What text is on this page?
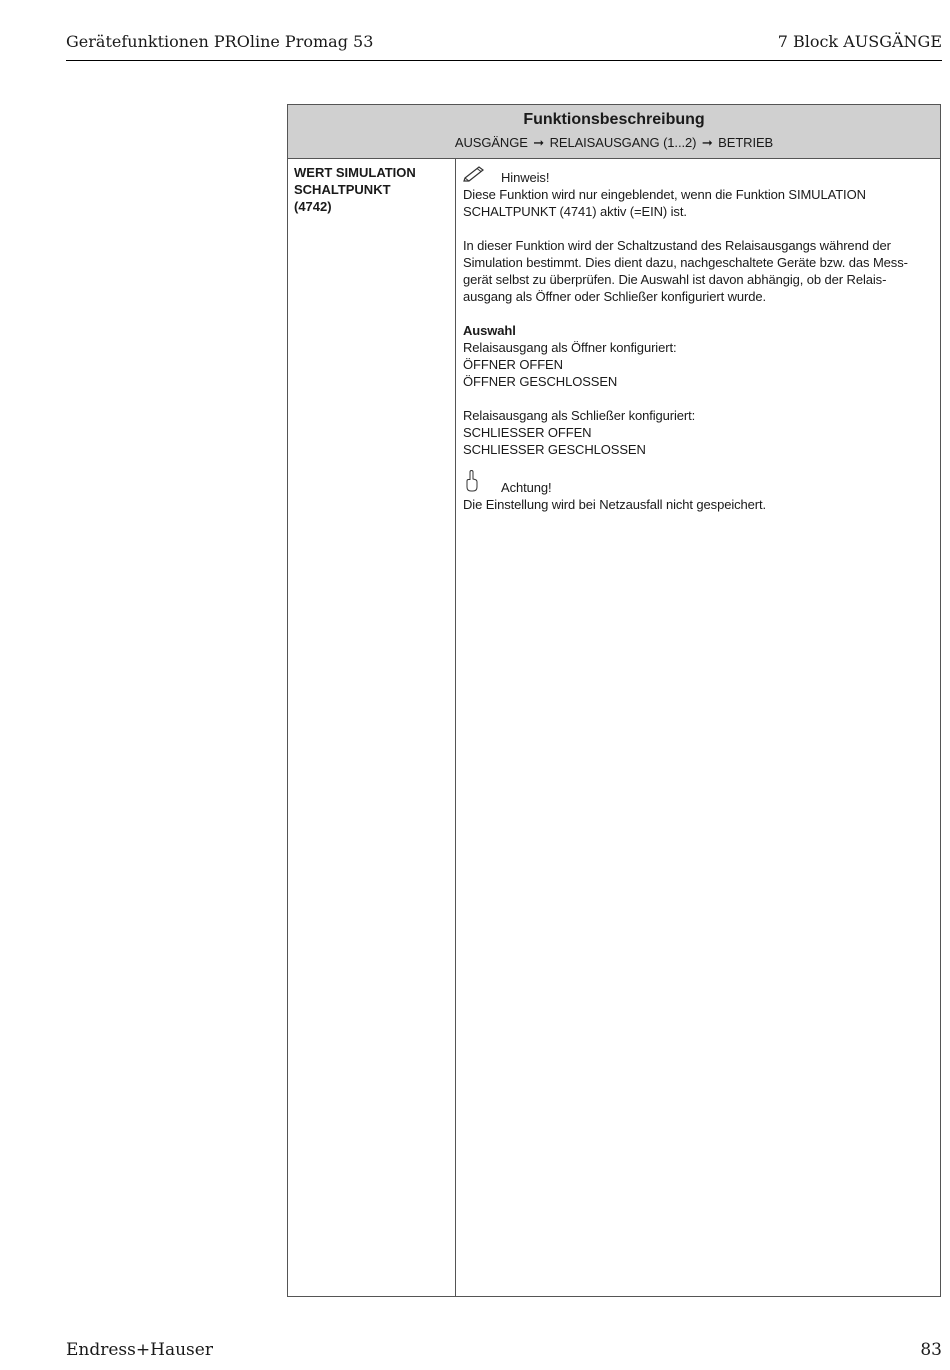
Gerätefunktionen PROline Promag 53	7 Block AUSGÄNGE
Funktionsbeschreibung
AUSGÄNGE ➞ RELAISAUSGANG (1...2) ➞ BETRIEB
WERT SIMULATION
SCHALTPUNKT
(4742)
Hinweis!
Diese Funktion wird nur eingeblendet, wenn die Funktion SIMULATION
SCHALTPUNKT (4741) aktiv (=EIN) ist.
In dieser Funktion wird der Schaltzustand des Relaisausgangs während der
Simulation bestimmt. Dies dient dazu, nachgeschaltete Geräte bzw. das Mess-
gerät selbst zu überprüfen. Die Auswahl ist davon abhängig, ob der Relais-
ausgang als Öffner oder Schließer konfiguriert wurde.
Auswahl
Relaisausgang als Öffner konfiguriert:
ÖFFNER OFFEN
ÖFFNER GESCHLOSSEN
Relaisausgang als Schließer konfiguriert:
SCHLIESSER OFFEN
SCHLIESSER GESCHLOSSEN
Achtung!
Die Einstellung wird bei Netzausfall nicht gespeichert.
Endress+Hauser	83
